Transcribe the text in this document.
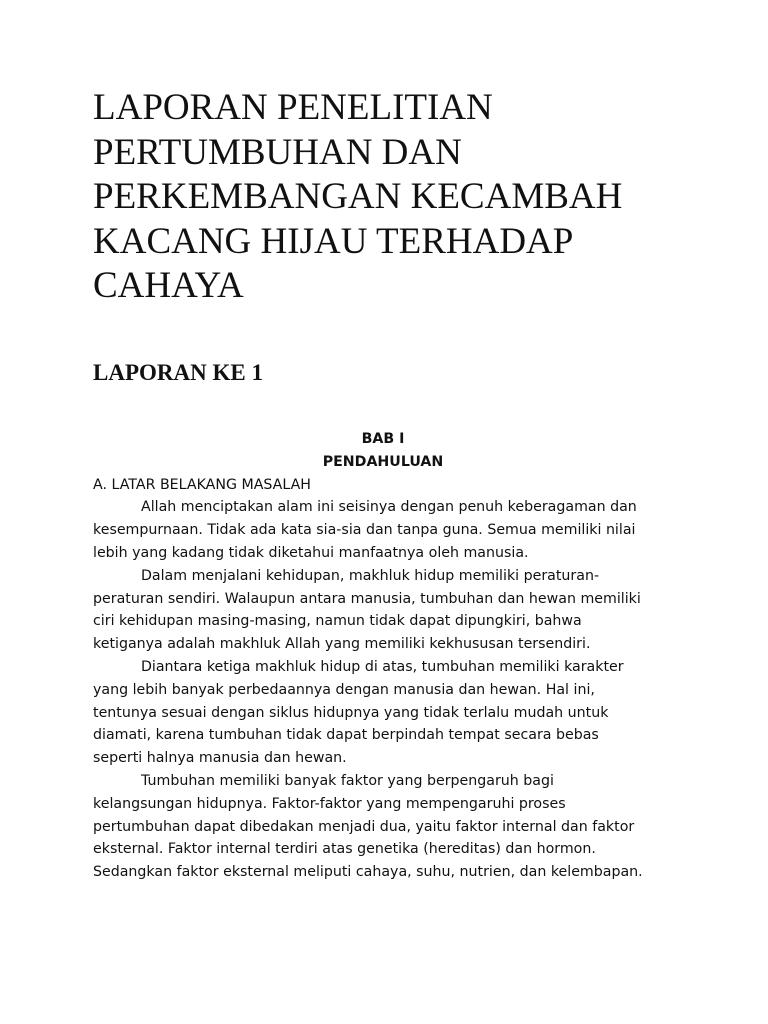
LAPORAN PENELITIAN
PERTUMBUHAN DAN
PERKEMBANGAN KECAMBAH
KACANG HIJAU TERHADAP
CAHAYA
LAPORAN KE 1
BAB I
PENDAHULUAN
A. LATAR BELAKANG MASALAH
Allah menciptakan alam ini seisinya dengan penuh keberagaman dan
kesempurnaan. Tidak ada kata sia-sia dan tanpa guna. Semua memiliki nilai
lebih yang kadang tidak diketahui manfaatnya oleh manusia.
Dalam menjalani kehidupan, makhluk hidup memiliki peraturan-
peraturan sendiri. Walaupun antara manusia, tumbuhan dan hewan memiliki
ciri kehidupan masing-masing, namun tidak dapat dipungkiri, bahwa
ketiganya adalah makhluk Allah yang memiliki kekhususan tersendiri.
Diantara ketiga makhluk hidup di atas, tumbuhan memiliki karakter
yang lebih banyak perbedaannya dengan manusia dan hewan. Hal ini,
tentunya sesuai dengan siklus hidupnya yang tidak terlalu mudah untuk
diamati, karena tumbuhan tidak dapat berpindah tempat secara bebas
seperti halnya manusia dan hewan.
Tumbuhan memiliki banyak faktor yang berpengaruh bagi
kelangsungan hidupnya. Faktor-faktor yang mempengaruhi proses
pertumbuhan dapat dibedakan menjadi dua, yaitu faktor internal dan faktor
eksternal. Faktor internal terdiri atas genetika (hereditas) dan hormon.
Sedangkan faktor eksternal meliputi cahaya, suhu, nutrien, dan kelembapan.
